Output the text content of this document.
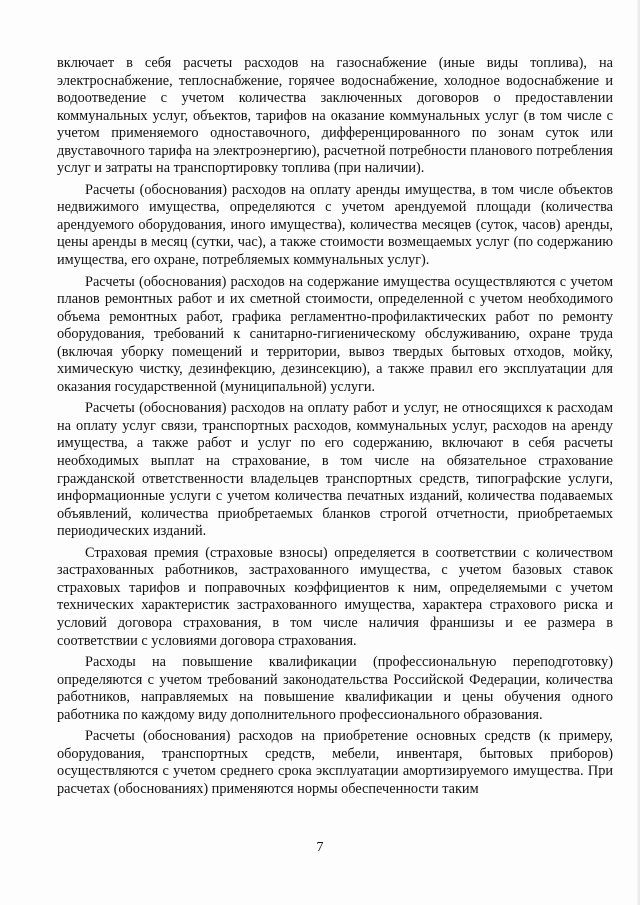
включает в себя расчеты расходов на газоснабжение (иные виды топлива), на электроснабжение, теплоснабжение, горячее водоснабжение, холодное водоснабжение и водоотведение с учетом количества заключенных договоров о предоставлении коммунальных услуг, объектов, тарифов на оказание коммунальных услуг (в том числе с учетом применяемого одноставочного, дифференцированного по зонам суток или двуставочного тарифа на электроэнергию), расчетной потребности планового потребления услуг и затраты на транспортировку топлива (при наличии).

Расчеты (обоснования) расходов на оплату аренды имущества, в том числе объектов недвижимого имущества, определяются с учетом арендуемой площади (количества арендуемого оборудования, иного имущества), количества месяцев (суток, часов) аренды, цены аренды в месяц (сутки, час), а также стоимости возмещаемых услуг (по содержанию имущества, его охране, потребляемых коммунальных услуг).

Расчеты (обоснования) расходов на содержание имущества осуществляются с учетом планов ремонтных работ и их сметной стоимости, определенной с учетом необходимого объема ремонтных работ, графика регламентно-профилактических работ по ремонту оборудования, требований к санитарно-гигиеническому обслуживанию, охране труда (включая уборку помещений и территории, вывоз твердых бытовых отходов, мойку, химическую чистку, дезинфекцию, дезинсекцию), а также правил его эксплуатации для оказания государственной (муниципальной) услуги.

Расчеты (обоснования) расходов на оплату работ и услуг, не относящихся к расходам на оплату услуг связи, транспортных расходов, коммунальных услуг, расходов на аренду имущества, а также работ и услуг по его содержанию, включают в себя расчеты необходимых выплат на страхование, в том числе на обязательное страхование гражданской ответственности владельцев транспортных средств, типографские услуги, информационные услуги с учетом количества печатных изданий, количества подаваемых объявлений, количества приобретаемых бланков строгой отчетности, приобретаемых периодических изданий.

Страховая премия (страховые взносы) определяется в соответствии с количеством застрахованных работников, застрахованного имущества, с учетом базовых ставок страховых тарифов и поправочных коэффициентов к ним, определяемыми с учетом технических характеристик застрахованного имущества, характера страхового риска и условий договора страхования, в том числе наличия франшизы и ее размера в соответствии с условиями договора страхования.

Расходы на повышение квалификации (профессиональную переподготовку) определяются с учетом требований законодательства Российской Федерации, количества работников, направляемых на повышение квалификации и цены обучения одного работника по каждому виду дополнительного профессионального образования.

Расчеты (обоснования) расходов на приобретение основных средств (к примеру, оборудования, транспортных средств, мебели, инвентаря, бытовых приборов) осуществляются с учетом среднего срока эксплуатации амортизируемого имущества. При расчетах (обоснованиях) применяются нормы обеспеченности таким

7
